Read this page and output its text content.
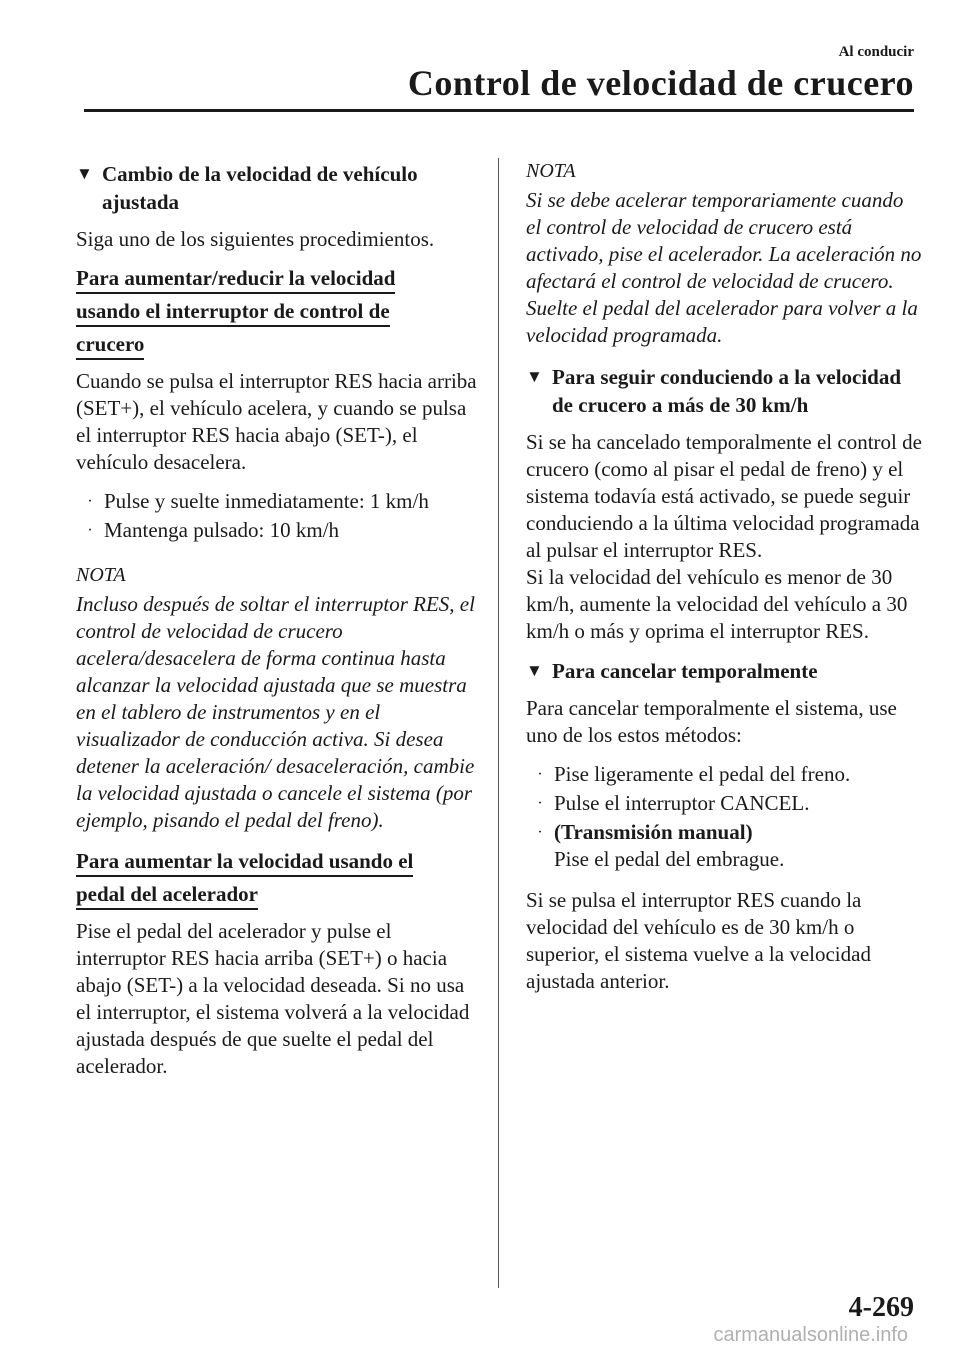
Al conducir
Control de velocidad de crucero
▼ Cambio de la velocidad de vehículo ajustada

Siga uno de los siguientes procedimientos.

Para aumentar/reducir la velocidad
usando el interruptor de control de
crucero

Cuando se pulsa el interruptor RES hacia arriba (SET+), el vehículo acelera, y cuando se pulsa el interruptor RES hacia abajo (SET-), el vehículo desacelera.

· Pulse y suelte inmediatamente: 1 km/h
· Mantenga pulsado: 10 km/h
NOTA

Incluso después de soltar el interruptor RES, el control de velocidad de crucero acelera/desacelera de forma continua hasta alcanzar la velocidad ajustada que se muestra en el tablero de instrumentos y en el visualizador de conducción activa. Si desea detener la aceleración/ desaceleración, cambie la velocidad ajustada o cancele el sistema (por ejemplo, pisando el pedal del freno).

Para aumentar la velocidad usando el
pedal del acelerador

Pise el pedal del acelerador y pulse el interruptor RES hacia arriba (SET+) o hacia abajo (SET-) a la velocidad deseada. Si no usa el interruptor, el sistema volverá a la velocidad ajustada después de que suelte el pedal del acelerador.

NOTA

Si se debe acelerar temporariamente cuando el control de velocidad de crucero está activado, pise el acelerador. La aceleración no afectará el control de velocidad de crucero. Suelte el pedal del acelerador para volver a la velocidad programada.

▼ Para seguir conduciendo a la velocidad de crucero a más de 30 km/h

Si se ha cancelado temporalmente el control de crucero (como al pisar el pedal de freno) y el sistema todavía está activado, se puede seguir conduciendo a la última velocidad programada al pulsar el interruptor RES.

Si la velocidad del vehículo es menor de 30 km/h, aumente la velocidad del vehículo a 30 km/h o más y oprima el interruptor RES.

▼ Para cancelar temporalmente

Para cancelar temporalmente el sistema, use uno de los estos métodos:

· Pise ligeramente el pedal del freno.
· Pulse el interruptor CANCEL.
· (Transmisión manual)
Pise el pedal del embrague.

Si se pulsa el interruptor RES cuando la velocidad del vehículo es de 30 km/h o superior, el sistema vuelve a la velocidad ajustada anterior.

4-269
carmanualsonline.info
